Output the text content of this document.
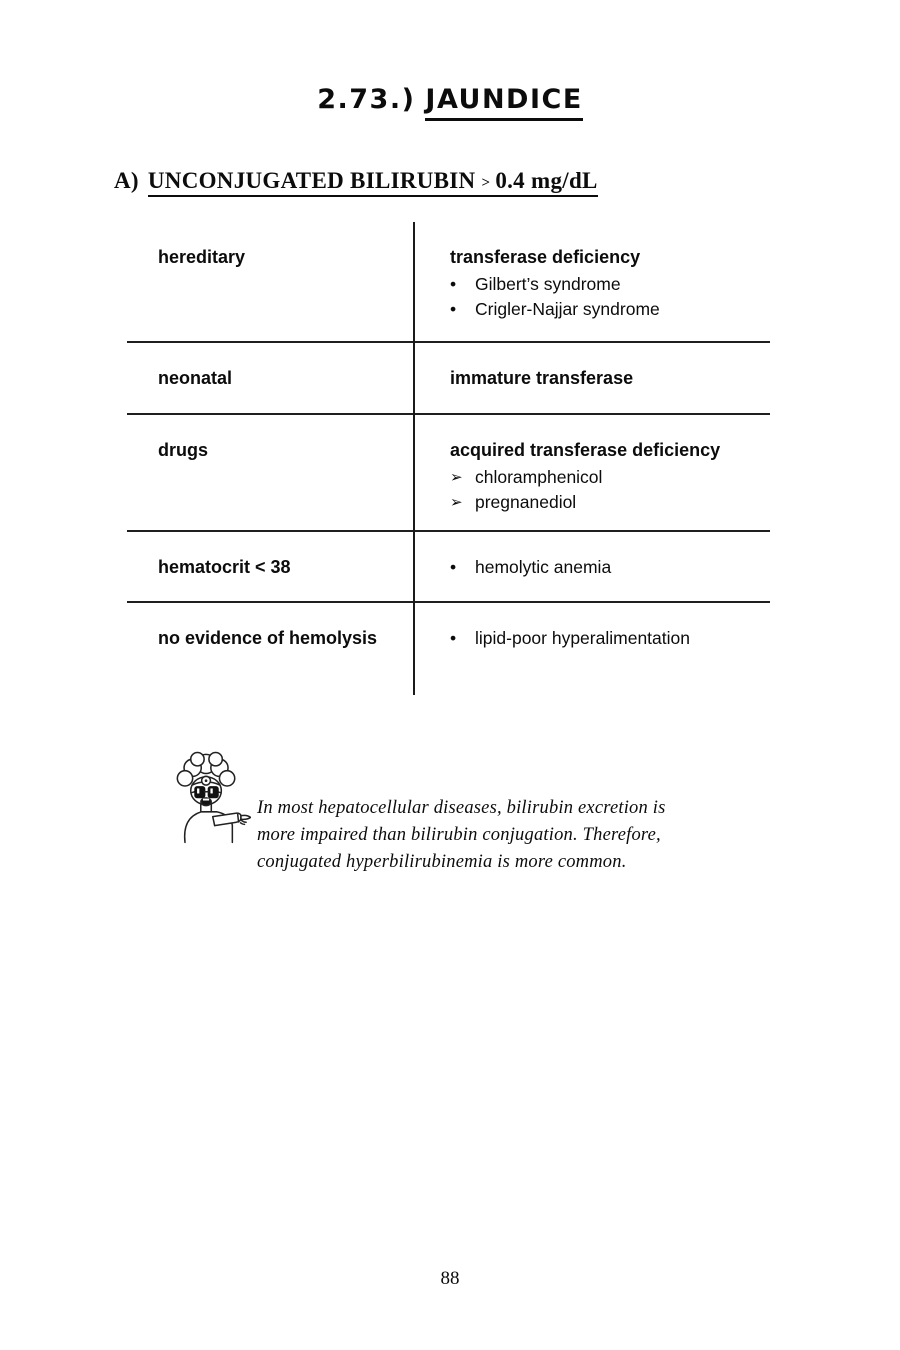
2.73.) JAUNDICE
A) UNCONJUGATED BILIRUBIN > 0.4 mg/dL
hereditary	transferase deficiency
•	Gilbert’s syndrome
•	Crigler-Najjar syndrome
neonatal	immature transferase
drugs	acquired transferase deficiency
➢ chloramphenicol
➢ pregnanediol
hematocrit < 38	•	hemolytic anemia
no evidence of hemolysis	•	lipid-poor hyperalimentation
In most hepatocellular diseases, bilirubin excretion is
more impaired than bilirubin conjugation. Therefore,
conjugated hyperbilirubinemia is more common.
88
